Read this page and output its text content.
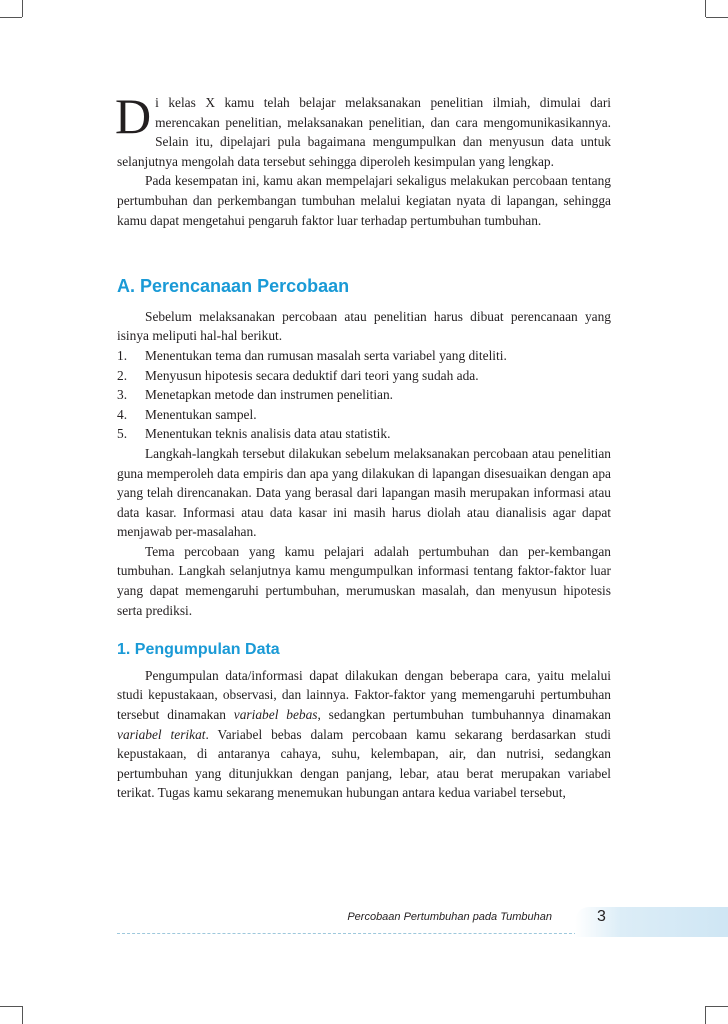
Di kelas X kamu telah belajar melaksanakan penelitian ilmiah, dimulai dari merencakan penelitian, melaksanakan penelitian, dan cara mengomunikasikannya. Selain itu, dipelajari pula bagaimana mengumpulkan dan menyusun data untuk selanjutnya mengolah data tersebut sehingga diperoleh kesimpulan yang lengkap.

Pada kesempatan ini, kamu akan mempelajari sekaligus melakukan percobaan tentang pertumbuhan dan perkembangan tumbuhan melalui kegiatan nyata di lapangan, sehingga kamu dapat mengetahui pengaruh faktor luar terhadap pertumbuhan tumbuhan.

A. Perencanaan Percobaan

Sebelum melaksanakan percobaan atau penelitian harus dibuat perencanaan yang isinya meliputi hal-hal berikut.

1.	Menentukan tema dan rumusan masalah serta variabel yang diteliti.
2.	Menyusun hipotesis secara deduktif dari teori yang sudah ada.
3.	Menetapkan metode dan instrumen penelitian.
4.	Menentukan sampel.
5.	Menentukan teknis analisis data atau statistik.

Langkah-langkah tersebut dilakukan sebelum melaksanakan percobaan atau penelitian guna memperoleh data empiris dan apa yang dilakukan di lapangan disesuaikan dengan apa yang telah direncanakan. Data yang berasal dari lapangan masih merupakan informasi atau data kasar. Informasi atau data kasar ini masih harus diolah atau dianalisis agar dapat menjawab per-masalahan.

Tema percobaan yang kamu pelajari adalah pertumbuhan dan per-kembangan tumbuhan. Langkah selanjutnya kamu mengumpulkan informasi tentang faktor-faktor luar yang dapat memengaruhi pertumbuhan, merumuskan masalah, dan menyusun hipotesis serta prediksi.

1. Pengumpulan Data

Pengumpulan data/informasi dapat dilakukan dengan beberapa cara, yaitu melalui studi kepustakaan, observasi, dan lainnya. Faktor-faktor yang memengaruhi pertumbuhan tersebut dinamakan variabel bebas, sedangkan pertumbuhan tumbuhannya dinamakan variabel terikat. Variabel bebas dalam percobaan kamu sekarang berdasarkan studi kepustakaan, di antaranya cahaya, suhu, kelembapan, air, dan nutrisi, sedangkan pertumbuhan yang ditunjukkan dengan panjang, lebar, atau berat merupakan variabel terikat. Tugas kamu sekarang menemukan hubungan antara kedua variabel tersebut,

Percobaan Pertumbuhan pada Tumbuhan	3
